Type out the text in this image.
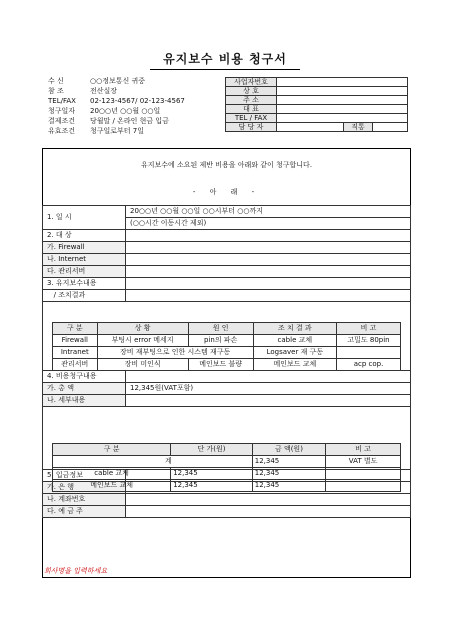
유지보수 비용 청구서
수 신	○○정보통신 귀중
참 조	전산실장
TEL/FAX 02-123-4567/ 02-123-4567
청구일자 20○○년 ○○월 ○○일
결제조건 당월말 / 온라인 현금 입금
유효조건 청구일로부터 7일
사업자번호			
상 호			
주 소			
대 표			
TEL / FAX			
담 당 자		직통	
유지보수에 소요된 제반 비용을 아래와 같이 청구합니다.
- 아 래 -
1. 일 시	20○○년 ○○월 ○○일 ○○시부터 ○○까지
	(○○시간 이동시간 제외)
2. 대 상	
가. Firewall	
나. Internet	
다. 관리서버	
3. 유지보수내용	
/ 조치결과	

4. 비용청구내용	
가. 총 액	12,345원(VAT포함)
나. 세부내용	

5. 입금정보	
가. 은 행	
나. 계좌번호	
다. 예 금 주	
구 분	상 황	원 인	조 치 결 과	비 고
Firewall	부팅시 error 메세지	pin의 파손	cable 교체	고밀도 80pin
Intranet	장비 재부팅으로 인한 시스템 재구동		Logsaver 재 구동	
관리서버	장비 미인식	메인보드 불량	메인보드 교체	acp cop.
구 분	단 가(원)	금 액(원)	비 고
계		12,345	VAT 별도
cable 교체	12,345	12,345	
메인보드 교체	12,345	12,345	
회사명을 입력하세요
